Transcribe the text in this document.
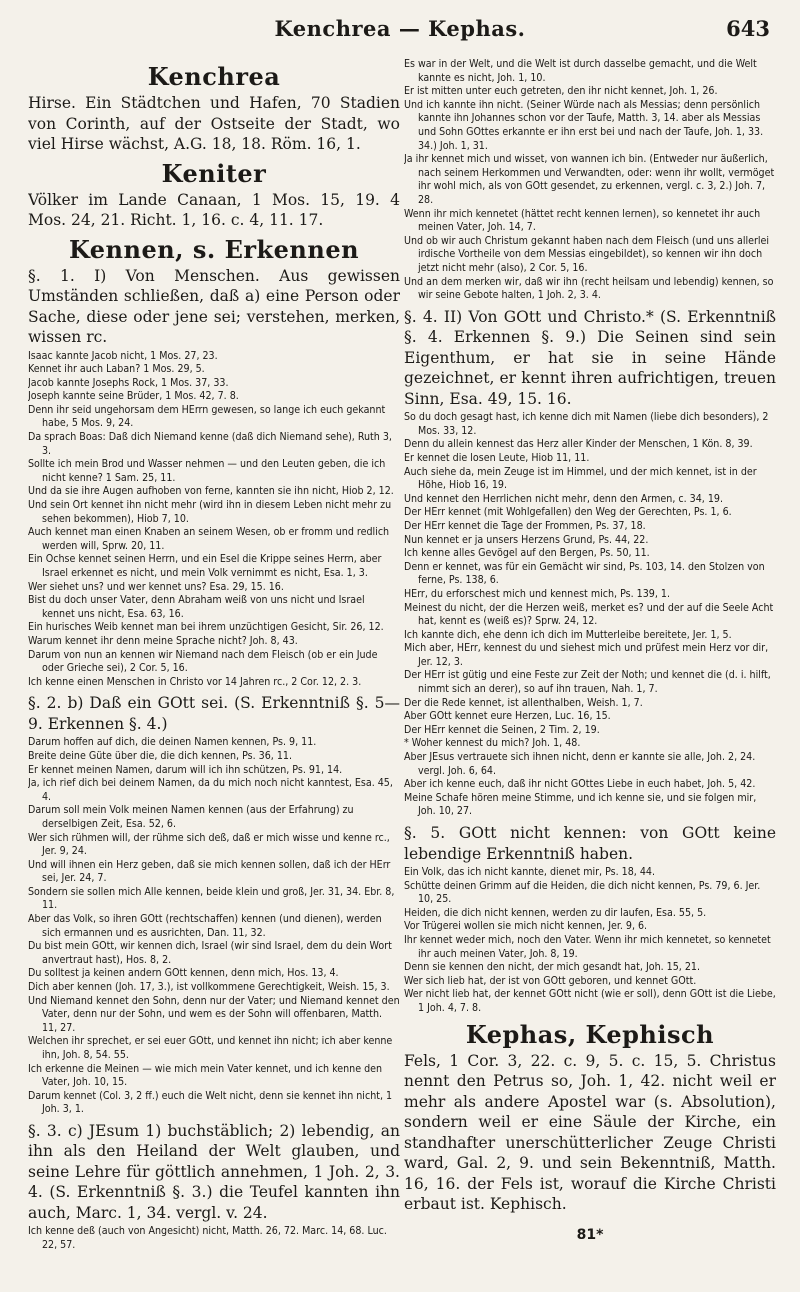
Kenchrea — Kephas.	643
Kenchrea
Hirse. Ein Städtchen und Hafen, 70 Stadien von Corinth, auf der Ostseite der Stadt, wo viel Hirse wächst, A.G. 18, 18. Röm. 16, 1.
Keniter
Völker im Lande Canaan, 1 Mos. 15, 19. 4 Mos. 24, 21. Richt. 1, 16. c. 4, 11. 17.
Kennen, s. Erkennen
§. 1. I) Von Menschen. Aus gewissen Umständen schließen, daß a) eine Person oder Sache, diese oder jene sei; verstehen, merken, wissen rc.
Isaac kannte Jacob nicht, 1 Mos. 27, 23.
Kennet ihr auch Laban? 1 Mos. 29, 5.
Jacob kannte Josephs Rock, 1 Mos. 37, 33.
Joseph kannte seine Brüder, 1 Mos. 42, 7. 8.
Denn ihr seid ungehorsam dem HErrn gewesen, so lange ich euch gekannt habe, 5 Mos. 9, 24.
Da sprach Boas: Daß dich Niemand kenne (daß dich Niemand sehe), Ruth 3, 3.
Sollte ich mein Brod und Wasser nehmen — und den Leuten geben, die ich nicht kenne? 1 Sam. 25, 11.
Und da sie ihre Augen aufhoben von ferne, kannten sie ihn nicht, Hiob 2, 12.
Und sein Ort kennet ihn nicht mehr (wird ihn in diesem Leben nicht mehr zu sehen bekommen), Hiob 7, 10.
Auch kennet man einen Knaben an seinem Wesen, ob er fromm und redlich werden will, Sprw. 20, 11.
Ein Ochse kennet seinen Herrn, und ein Esel die Krippe seines Herrn, aber Israel erkennet es nicht, und mein Volk vernimmt es nicht, Esa. 1, 3.
Wer siehet uns? und wer kennet uns? Esa. 29, 15. 16.
Bist du doch unser Vater, denn Abraham weiß von uns nicht und Israel kennet uns nicht, Esa. 63, 16.
Ein hurisches Weib kennet man bei ihrem unzüchtigen Gesicht, Sir. 26, 12.
Warum kennet ihr denn meine Sprache nicht? Joh. 8, 43.
Darum von nun an kennen wir Niemand nach dem Fleisch (ob er ein Jude oder Grieche sei), 2 Cor. 5, 16.
Ich kenne einen Menschen in Christo vor 14 Jahren rc., 2 Cor. 12, 2. 3.
§. 2. b) Daß ein GOtt sei. (S. Erkenntniß §. 5—9. Erkennen §. 4.)
Darum hoffen auf dich, die deinen Namen kennen, Ps. 9, 11.
Breite deine Güte über die, die dich kennen, Ps. 36, 11.
Er kennet meinen Namen, darum will ich ihn schützen, Ps. 91, 14.
Ja, ich rief dich bei deinem Namen, da du mich noch nicht kanntest, Esa. 45, 4.
Darum soll mein Volk meinen Namen kennen (aus der Erfahrung) zu derselbigen Zeit, Esa. 52, 6.
Wer sich rühmen will, der rühme sich deß, daß er mich wisse und kenne rc., Jer. 9, 24.
Und will ihnen ein Herz geben, daß sie mich kennen sollen, daß ich der HErr sei, Jer. 24, 7.
Sondern sie sollen mich Alle kennen, beide klein und groß, Jer. 31, 34. Ebr. 8, 11.
Aber das Volk, so ihren GOtt (rechtschaffen) kennen (und dienen), werden sich ermannen und es ausrichten, Dan. 11, 32.
Du bist mein GOtt, wir kennen dich, Israel (wir sind Israel, dem du dein Wort anvertraut hast), Hos. 8, 2.
Du solltest ja keinen andern GOtt kennen, denn mich, Hos. 13, 4.
Dich aber kennen (Joh. 17, 3.), ist vollkommene Gerechtigkeit, Weish. 15, 3.
Und Niemand kennet den Sohn, denn nur der Vater; und Niemand kennet den Vater, denn nur der Sohn, und wem es der Sohn will offenbaren, Matth. 11, 27.
Welchen ihr sprechet, er sei euer GOtt, und kennet ihn nicht; ich aber kenne ihn, Joh. 8, 54. 55.
Ich erkenne die Meinen — wie mich mein Vater kennet, und ich kenne den Vater, Joh. 10, 15.
Darum kennet (Col. 3, 2 ff.) euch die Welt nicht, denn sie kennet ihn nicht, 1 Joh. 3, 1.
§. 3. c) JEsum 1) buchstäblich; 2) lebendig, an ihn als den Heiland der Welt glauben, und seine Lehre für göttlich annehmen, 1 Joh. 2, 3. 4. (S. Erkenntniß §. 3.) die Teufel kannten ihn auch, Marc. 1, 34. vergl. v. 24.
Ich kenne deß (auch von Angesicht) nicht, Matth. 26, 72. Marc. 14, 68. Luc. 22, 57.
Es war in der Welt, und die Welt ist durch dasselbe gemacht, und die Welt kannte es nicht, Joh. 1, 10.
Er ist mitten unter euch getreten, den ihr nicht kennet, Joh. 1, 26.
Und ich kannte ihn nicht. (Seiner Würde nach als Messias; denn persönlich kannte ihn Johannes schon vor der Taufe, Matth. 3, 14. aber als Messias und Sohn GOttes erkannte er ihn erst bei und nach der Taufe, Joh. 1, 33. 34.) Joh. 1, 31.
Ja ihr kennet mich und wisset, von wannen ich bin. (Entweder nur äußerlich, nach seinem Herkommen und Verwandten, oder: wenn ihr wollt, vermöget ihr wohl mich, als von GOtt gesendet, zu erkennen, vergl. c. 3, 2.) Joh. 7, 28.
Wenn ihr mich kennetet (hättet recht kennen lernen), so kennetet ihr auch meinen Vater, Joh. 14, 7.
Und ob wir auch Christum gekannt haben nach dem Fleisch (und uns allerlei irdische Vortheile von dem Messias eingebildet), so kennen wir ihn doch jetzt nicht mehr (also), 2 Cor. 5, 16.
Und an dem merken wir, daß wir ihn (recht heilsam und lebendig) kennen, so wir seine Gebote halten, 1 Joh. 2, 3. 4.
§. 4. II) Von GOtt und Christo.* (S. Erkenntniß §. 4. Erkennen §. 9.) Die Seinen sind sein Eigenthum, er hat sie in seine Hände gezeichnet, er kennt ihren aufrichtigen, treuen Sinn, Esa. 49, 15. 16.
So du doch gesagt hast, ich kenne dich mit Namen (liebe dich besonders), 2 Mos. 33, 12.
Denn du allein kennest das Herz aller Kinder der Menschen, 1 Kön. 8, 39.
Er kennet die losen Leute, Hiob 11, 11.
Auch siehe da, mein Zeuge ist im Himmel, und der mich kennet, ist in der Höhe, Hiob 16, 19.
Und kennet den Herrlichen nicht mehr, denn den Armen, c. 34, 19.
Der HErr kennet (mit Wohlgefallen) den Weg der Gerechten, Ps. 1, 6.
Der HErr kennet die Tage der Frommen, Ps. 37, 18.
Nun kennet er ja unsers Herzens Grund, Ps. 44, 22.
Ich kenne alles Gevögel auf den Bergen, Ps. 50, 11.
Denn er kennet, was für ein Gemächt wir sind, Ps. 103, 14. den Stolzen von ferne, Ps. 138, 6.
HErr, du erforschest mich und kennest mich, Ps. 139, 1.
Meinest du nicht, der die Herzen weiß, merket es? und der auf die Seele Acht hat, kennt es (weiß es)? Sprw. 24, 12.
Ich kannte dich, ehe denn ich dich im Mutterleibe bereitete, Jer. 1, 5.
Mich aber, HErr, kennest du und siehest mich und prüfest mein Herz vor dir, Jer. 12, 3.
Der HErr ist gütig und eine Feste zur Zeit der Noth; und kennet die (d. i. hilft, nimmt sich an derer), so auf ihn trauen, Nah. 1, 7.
Der die Rede kennet, ist allenthalben, Weish. 1, 7.
Aber GOtt kennet eure Herzen, Luc. 16, 15.
Der HErr kennet die Seinen, 2 Tim. 2, 19.
* Woher kennest du mich? Joh. 1, 48.
Aber JEsus vertrauete sich ihnen nicht, denn er kannte sie alle, Joh. 2, 24. vergl. Joh. 6, 64.
Aber ich kenne euch, daß ihr nicht GOttes Liebe in euch habet, Joh. 5, 42.
Meine Schafe hören meine Stimme, und ich kenne sie, und sie folgen mir, Joh. 10, 27.
§. 5. GOtt nicht kennen: von GOtt keine lebendige Erkenntniß haben.
Ein Volk, das ich nicht kannte, dienet mir, Ps. 18, 44.
Schütte deinen Grimm auf die Heiden, die dich nicht kennen, Ps. 79, 6. Jer. 10, 25.
Heiden, die dich nicht kennen, werden zu dir laufen, Esa. 55, 5.
Vor Trügerei wollen sie mich nicht kennen, Jer. 9, 6.
Ihr kennet weder mich, noch den Vater. Wenn ihr mich kennetet, so kennetet ihr auch meinen Vater, Joh. 8, 19.
Denn sie kennen den nicht, der mich gesandt hat, Joh. 15, 21.
Wer sich lieb hat, der ist von GOtt geboren, und kennet GOtt.
Wer nicht lieb hat, der kennet GOtt nicht (wie er soll), denn GOtt ist die Liebe, 1 Joh. 4, 7. 8.
Kephas, Kephisch
Fels, 1 Cor. 3, 22. c. 9, 5. c. 15, 5. Christus nennt den Petrus so, Joh. 1, 42. nicht weil er mehr als andere Apostel war (s. Absolution), sondern weil er eine Säule der Kirche, ein standhafter unerschütterlicher Zeuge Christi ward, Gal. 2, 9. und sein Bekenntniß, Matth. 16, 16. der Fels ist, worauf die Kirche Christi erbaut ist. Kephisch.
81*
